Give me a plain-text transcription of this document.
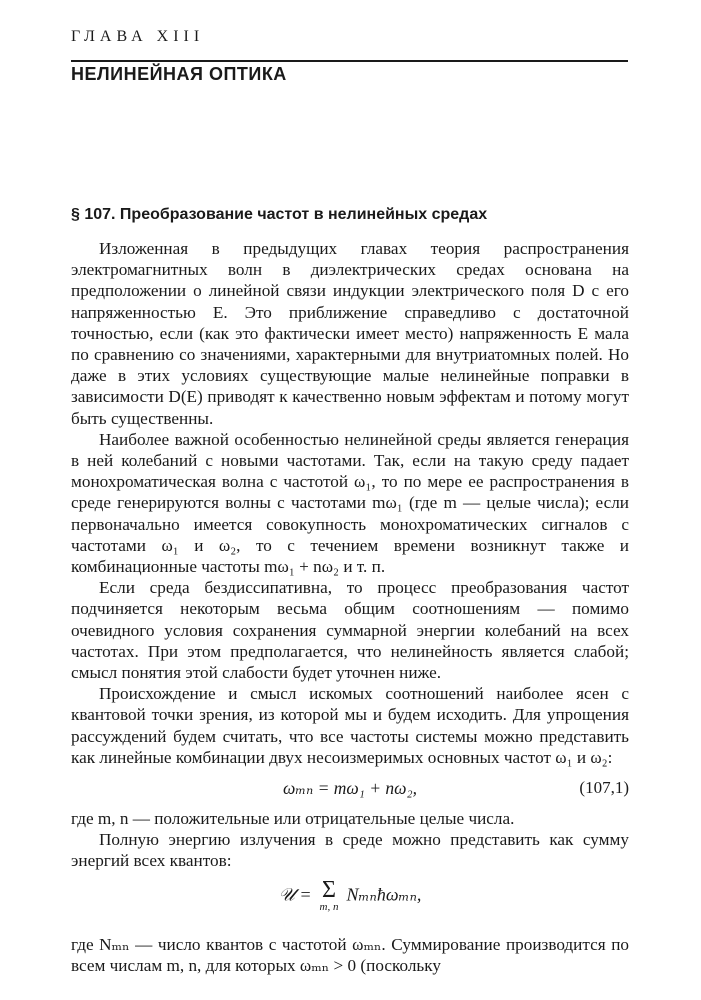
ГЛАВА XIII
НЕЛИНЕЙНАЯ ОПТИКА
§ 107. Преобразование частот в нелинейных средах

Изложенная в предыдущих главах теория распространения электромагнитных волн в диэлектрических средах основана на предположении о линейной связи индукции электрического поля D с его напряженностью E. Это приближение справедливо с достаточной точностью, если (как это фактически имеет место) напряженность E мала по сравнению со значениями, характерными для внутриатомных полей. Но даже в этих условиях существующие малые нелинейные поправки в зависимости D(E) приводят к качественно новым эффектам и потому могут быть существенны.

Наиболее важной особенностью нелинейной среды является генерация в ней колебаний с новыми частотами. Так, если на такую среду падает монохроматическая волна с частотой ω₁, то по мере ее распространения в среде генерируются волны с частотами mω₁ (где m — целые числа); если первоначально имеется совокупность монохроматических сигналов с частотами ω₁ и ω₂, то с течением времени возникнут также и комбинационные частоты mω₁ + nω₂ и т. п.

Если среда бездиссипативна, то процесс преобразования частот подчиняется некоторым весьма общим соотношениям — помимо очевидного условия сохранения суммарной энергии колебаний на всех частотах. При этом предполагается, что нелинейность является слабой; смысл понятия этой слабости будет уточнен ниже.

Происхождение и смысл искомых соотношений наиболее ясен с квантовой точки зрения, из которой мы и будем исходить. Для упрощения рассуждений будем считать, что все частоты системы можно представить как линейные комбинации двух несоизмеримых основных частот ω₁ и ω₂:

ωₘₙ = mω₁ + nω₂,	(107,1)

где m, n — положительные или отрицательные целые числа.

Полную энергию излучения в среде можно представить как сумму энергий всех квантов:

𝒰 = Σ
m, n
Nₘₙħωₘₙ,

где Nₘₙ — число квантов с частотой ωₘₙ. Суммирование производится по всем числам m, n, для которых ωₘₙ > 0 (поскольку
